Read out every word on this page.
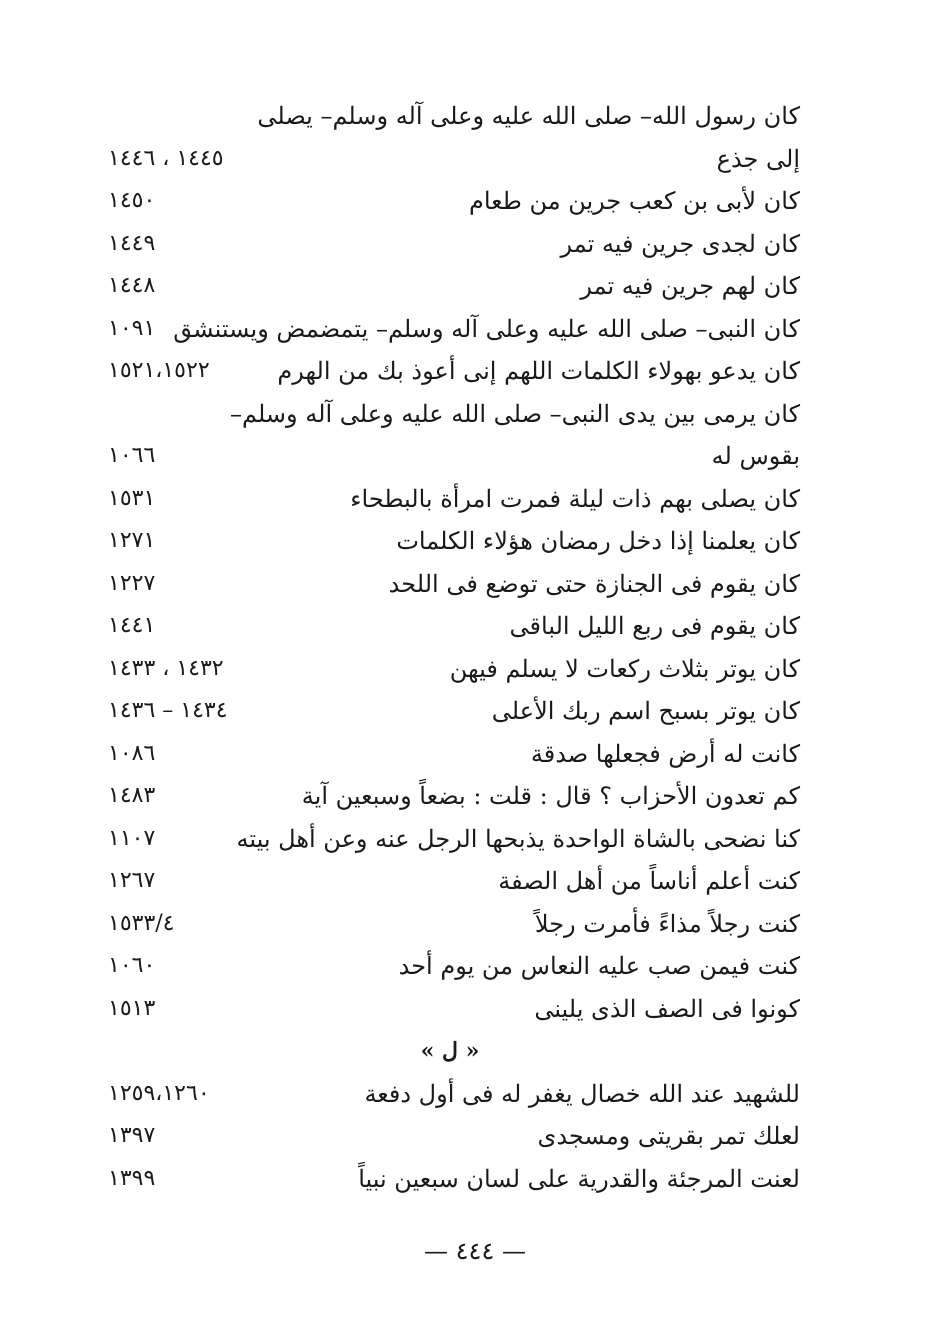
كان رسول الله– صلى الله عليه وعلى آله وسلم– يصلى
إلى جذع
١٤٤٥ ، ١٤٤٦
كان لأبى بن كعب جرين من طعام
١٤٥٠
كان لجدى جرين فيه تمر
١٤٤٩
كان لهم جرين فيه تمر
١٤٤٨
كان النبى– صلى الله عليه وعلى آله وسلم– يتمضمض ويستنشق
١٠٩١
كان يدعو بهولاء الكلمات اللهم إنى أعوذ بك من الهرم
١٥٢١،١٥٢٢
كان يرمى بين يدى النبى– صلى الله عليه وعلى آله وسلم–
بقوس له
١٠٦٦
كان يصلى بهم ذات ليلة فمرت امرأة بالبطحاء
١٥٣١
كان يعلمنا إذا دخل رمضان هؤلاء الكلمات
١٢٧١
كان يقوم فى الجنازة حتى توضع فى اللحد
١٢٢٧
كان يقوم فى ربع الليل الباقى
١٤٤١
كان يوتر بثلاث ركعات لا يسلم فيهن
١٤٣٢ ، ١٤٣٣
كان يوتر بسبح اسم ربك الأعلى
١٤٣٤ – ١٤٣٦
كانت له أرض فجعلها صدقة
١٠٨٦
كم تعدون الأحزاب ؟ قال : قلت : بضعاً وسبعين آية
١٤٨٣
كنا نضحى بالشاة الواحدة يذبحها الرجل عنه وعن أهل بيته
١١٠٧
كنت أعلم أناساً من أهل الصفة
١٢٦٧
كنت رجلاً مذاءً فأمرت رجلاً
١٥٣٣/٤
كنت فيمن صب عليه النعاس من يوم أحد
١٠٦٠
كونوا فى الصف الذى يلينى
١٥١٣
« ل »
للشهيد عند الله خصال يغفر له فى أول دفعة
١٢٥٩،١٢٦٠
لعلك تمر بقريتى ومسجدى
١٣٩٧
لعنت المرجئة والقدرية على لسان سبعين نبياً
١٣٩٩
— ٤٤٤ —
